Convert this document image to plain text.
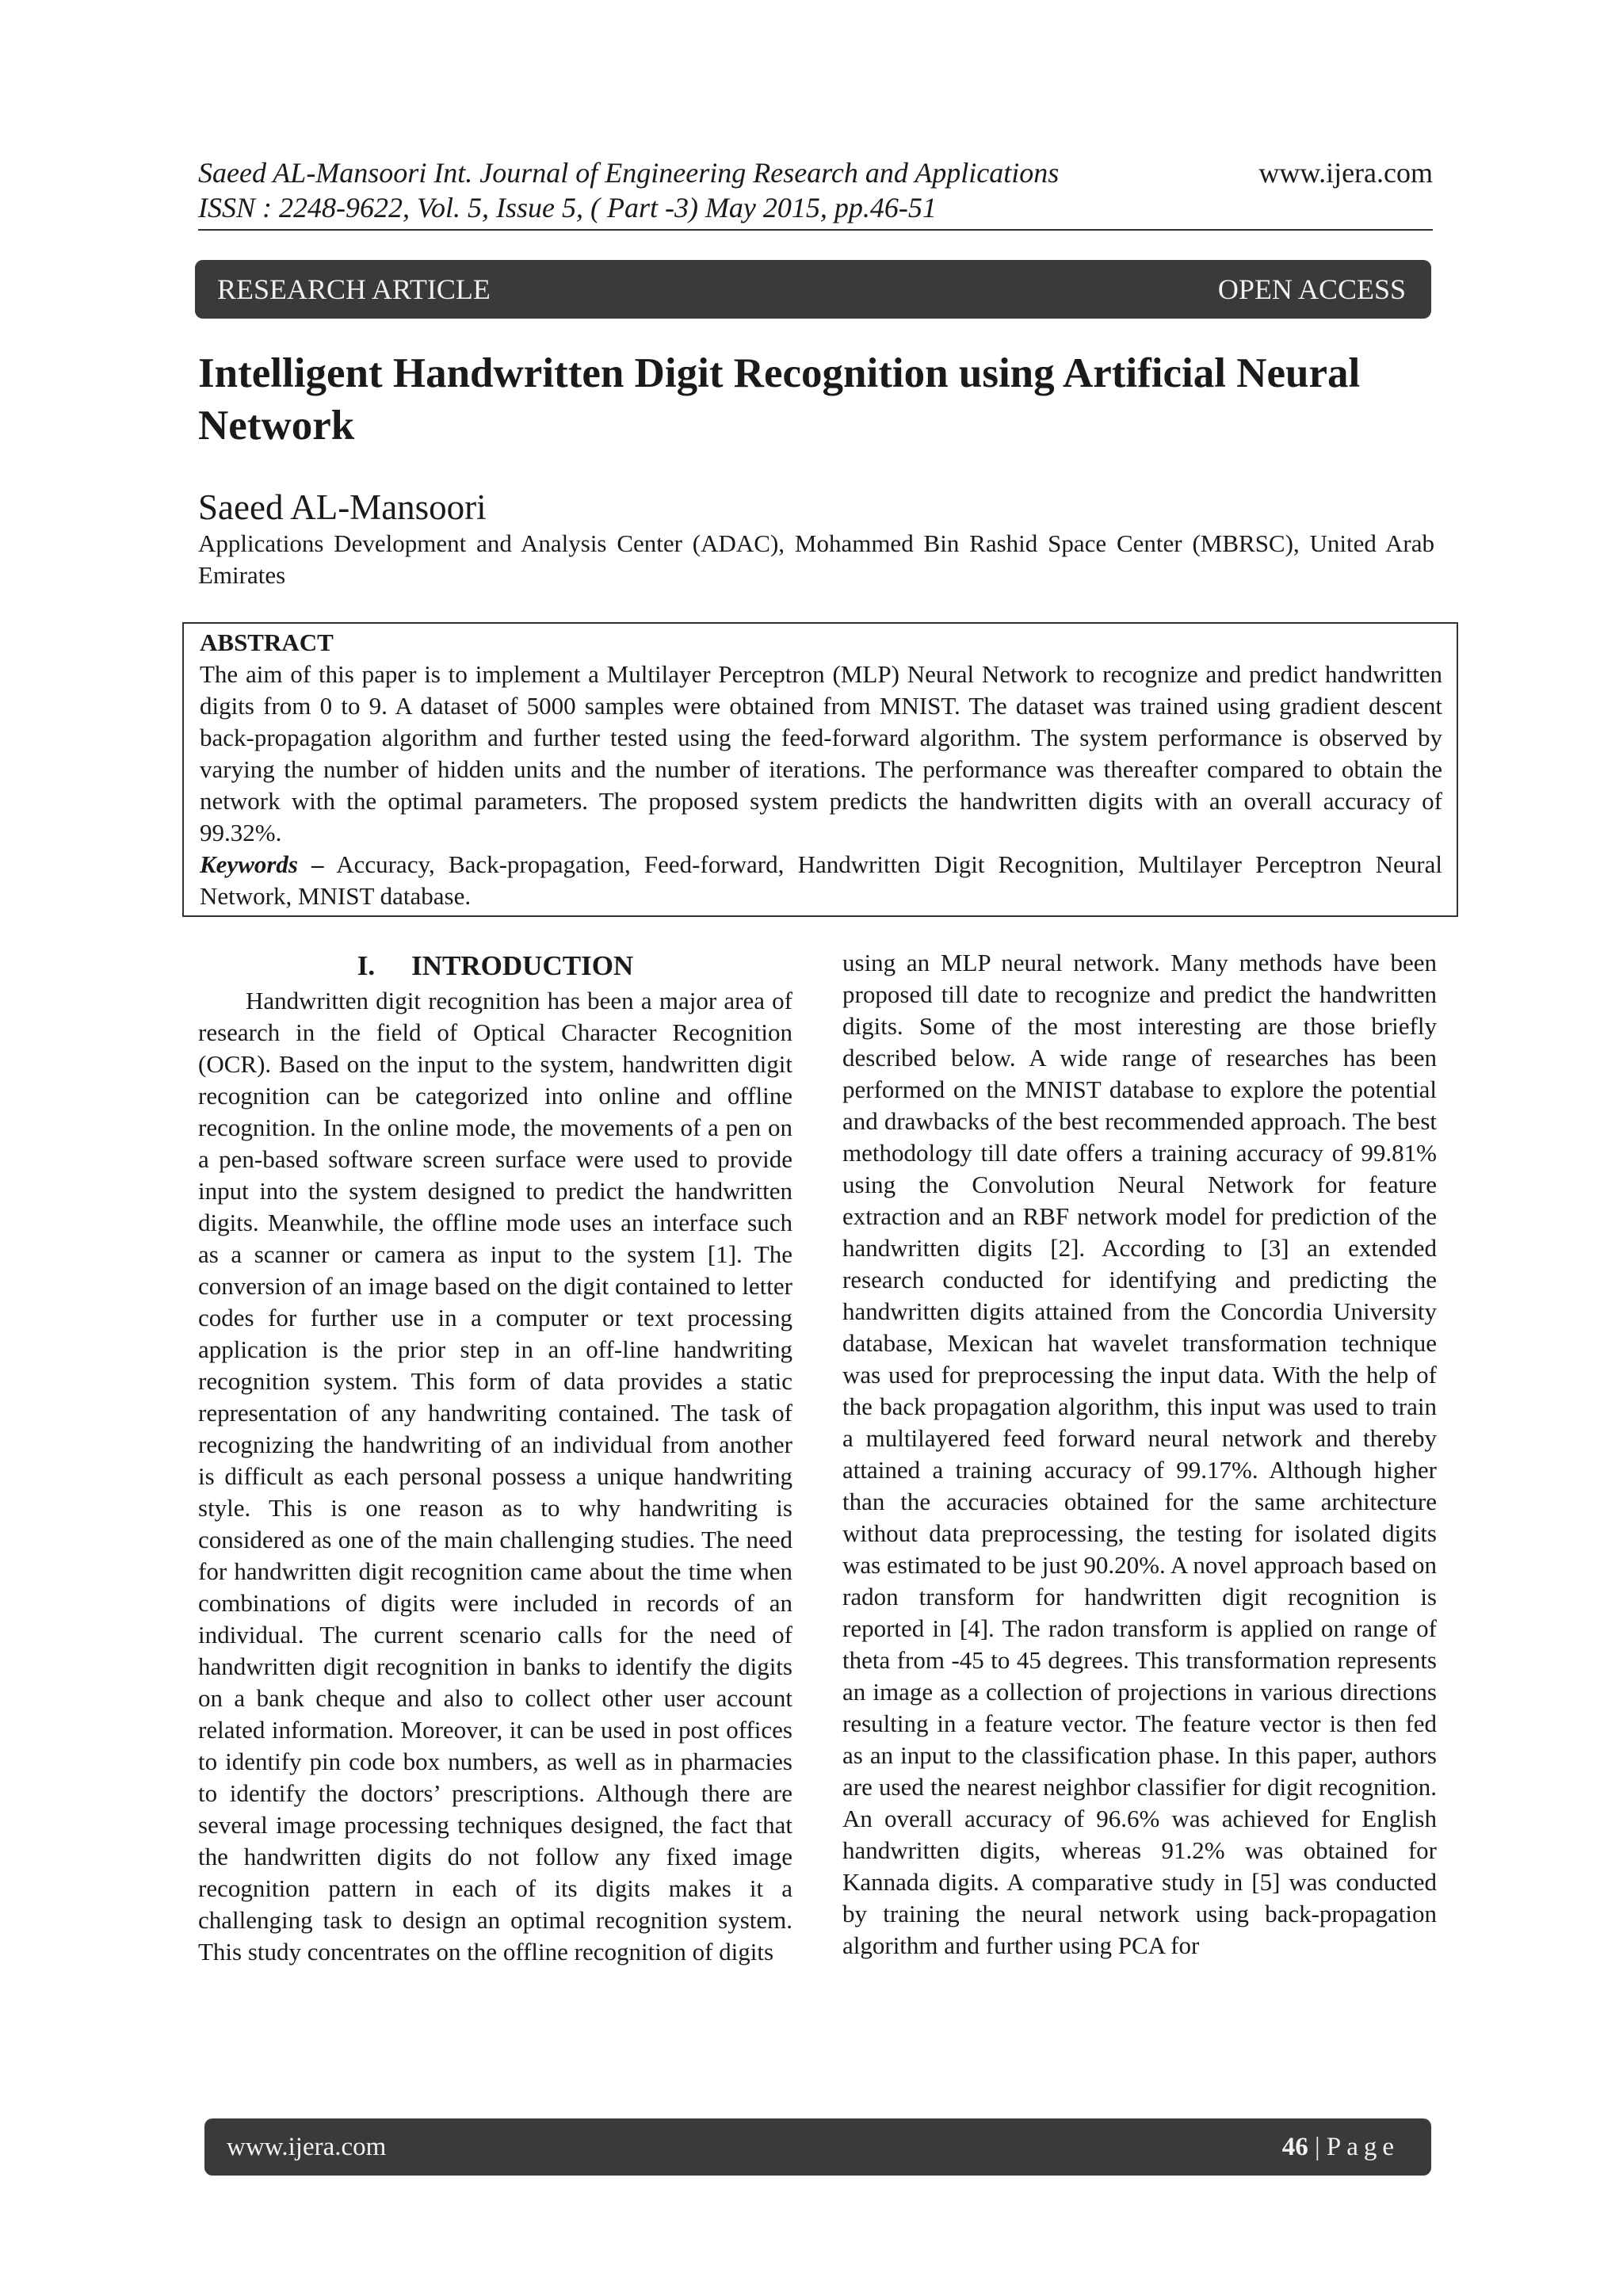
Saeed AL-Mansoori Int. Journal of Engineering Research and Applications
ISSN : 2248-9622, Vol. 5, Issue 5, ( Part -3) May 2015, pp.46-51
www.ijera.com
RESEARCH ARTICLE	OPEN ACCESS
Intelligent Handwritten Digit Recognition using Artificial Neural Network
Saeed AL-Mansoori
Applications Development and Analysis Center (ADAC), Mohammed Bin Rashid Space Center (MBRSC), United Arab Emirates
ABSTRACT
The aim of this paper is to implement a Multilayer Perceptron (MLP) Neural Network to recognize and predict handwritten digits from 0 to 9. A dataset of 5000 samples were obtained from MNIST. The dataset was trained using gradient descent back-propagation algorithm and further tested using the feed-forward algorithm. The system performance is observed by varying the number of hidden units and the number of iterations. The performance was thereafter compared to obtain the network with the optimal parameters. The proposed system predicts the handwritten digits with an overall accuracy of 99.32%.
Keywords – Accuracy, Back-propagation, Feed-forward, Handwritten Digit Recognition, Multilayer Perceptron Neural Network, MNIST database.
I. INTRODUCTION

Handwritten digit recognition has been a major area of research in the field of Optical Character Recognition (OCR). Based on the input to the system, handwritten digit recognition can be categorized into online and offline recognition. In the online mode, the movements of a pen on a pen-based software screen surface were used to provide input into the system designed to predict the handwritten digits. Meanwhile, the offline mode uses an interface such as a scanner or camera as input to the system [1]. The conversion of an image based on the digit contained to letter codes for further use in a computer or text processing application is the prior step in an off-line handwriting recognition system. This form of data provides a static representation of any handwriting contained. The task of recognizing the handwriting of an individual from another is difficult as each personal possess a unique handwriting style. This is one reason as to why handwriting is considered as one of the main challenging studies. The need for handwritten digit recognition came about the time when combinations of digits were included in records of an individual. The current scenario calls for the need of handwritten digit recognition in banks to identify the digits on a bank cheque and also to collect other user account related information. Moreover, it can be used in post offices to identify pin code box numbers, as well as in pharmacies to identify the doctors’ prescriptions. Although there are several image processing techniques designed, the fact that the handwritten digits do not follow any fixed image recognition pattern in each of its digits makes it a challenging task to design an optimal recognition system. This study concentrates on the offline recognition of digits

using an MLP neural network. Many methods have been proposed till date to recognize and predict the handwritten digits. Some of the most interesting are those briefly described below. A wide range of researches has been performed on the MNIST database to explore the potential and drawbacks of the best recommended approach. The best methodology till date offers a training accuracy of 99.81% using the Convolution Neural Network for feature extraction and an RBF network model for prediction of the handwritten digits [2]. According to [3] an extended research conducted for identifying and predicting the handwritten digits attained from the Concordia University database, Mexican hat wavelet transformation technique was used for preprocessing the input data. With the help of the back propagation algorithm, this input was used to train a multilayered feed forward neural network and thereby attained a training accuracy of 99.17%. Although higher than the accuracies obtained for the same architecture without data preprocessing, the testing for isolated digits was estimated to be just 90.20%. A novel approach based on radon transform for handwritten digit recognition is reported in [4]. The radon transform is applied on range of theta from -45 to 45 degrees. This transformation represents an image as a collection of projections in various directions resulting in a feature vector. The feature vector is then fed as an input to the classification phase. In this paper, authors are used the nearest neighbor classifier for digit recognition. An overall accuracy of 96.6% was achieved for English handwritten digits, whereas 91.2% was obtained for Kannada digits. A comparative study in [5] was conducted by training the neural network using back-propagation algorithm and further using PCA for

www.ijera.com	46 | Page
